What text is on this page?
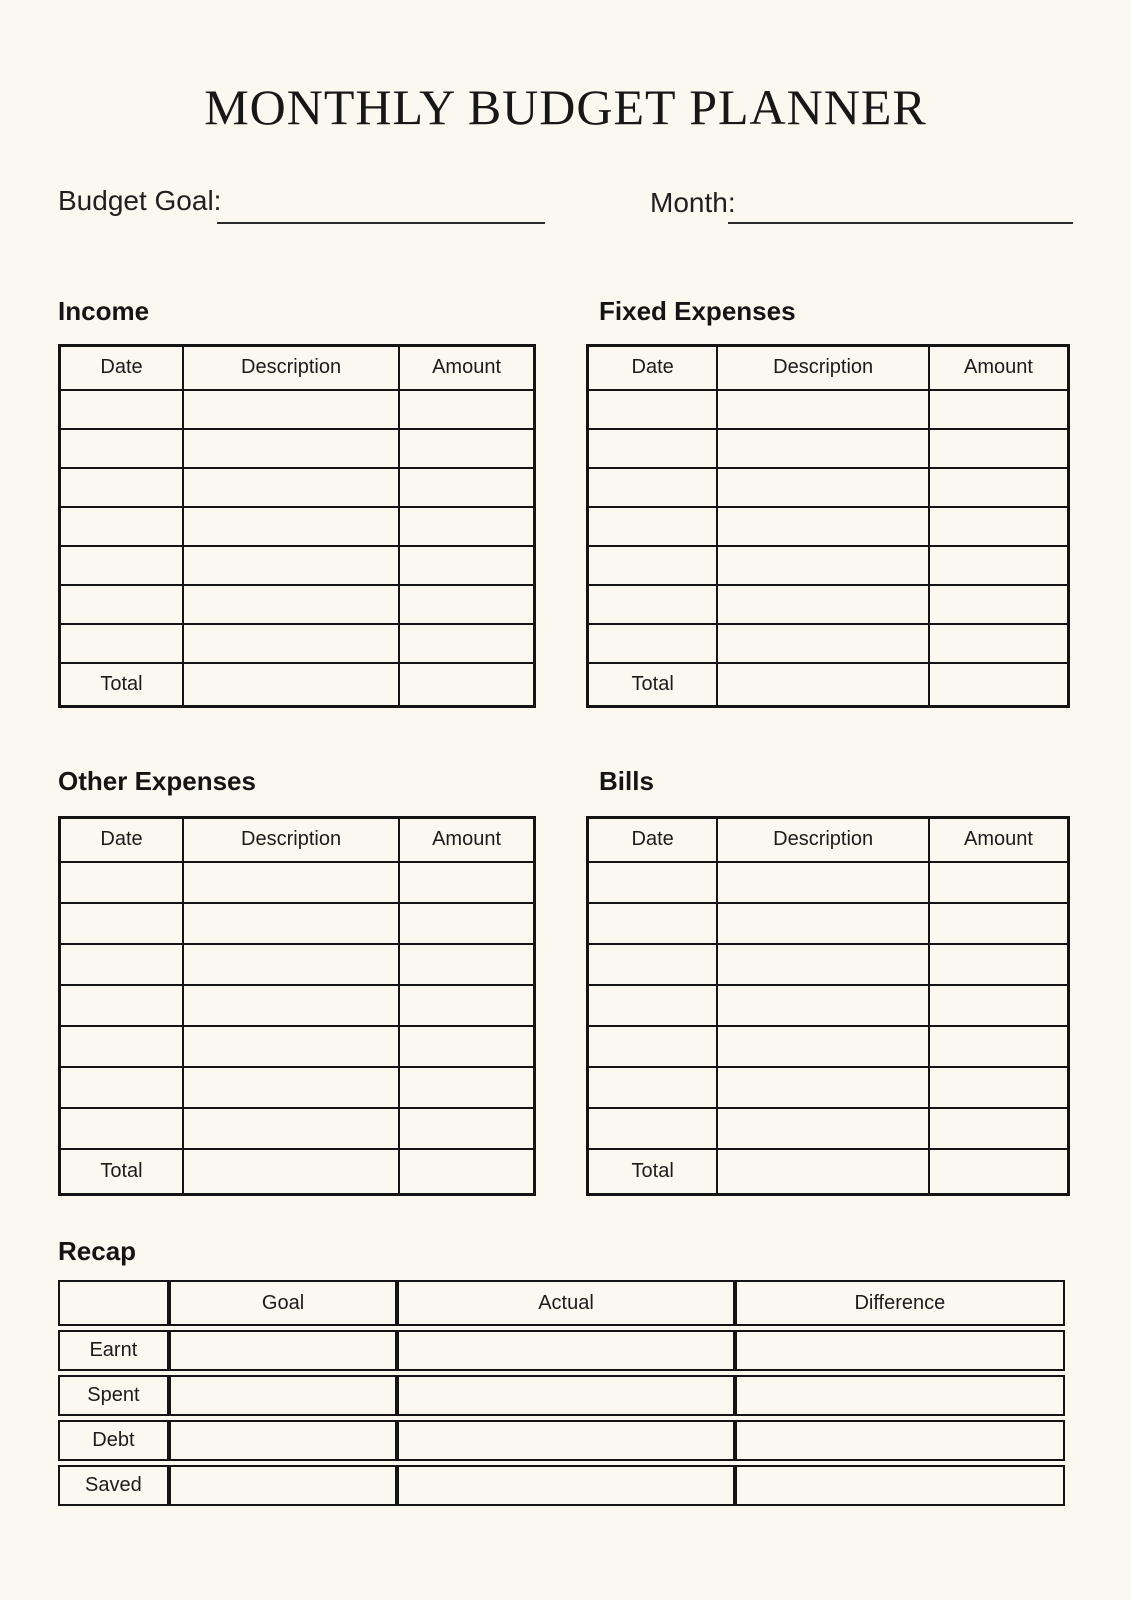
MONTHLY BUDGET PLANNER
Budget Goal:	Month:
Income	Fixed Expenses
Other Expenses	Bills
Recap
Date	Description	Amount

Total		
Date	Description	Amount

Total		
Date	Description	Amount

Total		
Date	Description	Amount

Total		
	Goal	Actual	Difference
Earnt			
Spent			
Debt			
Saved			
